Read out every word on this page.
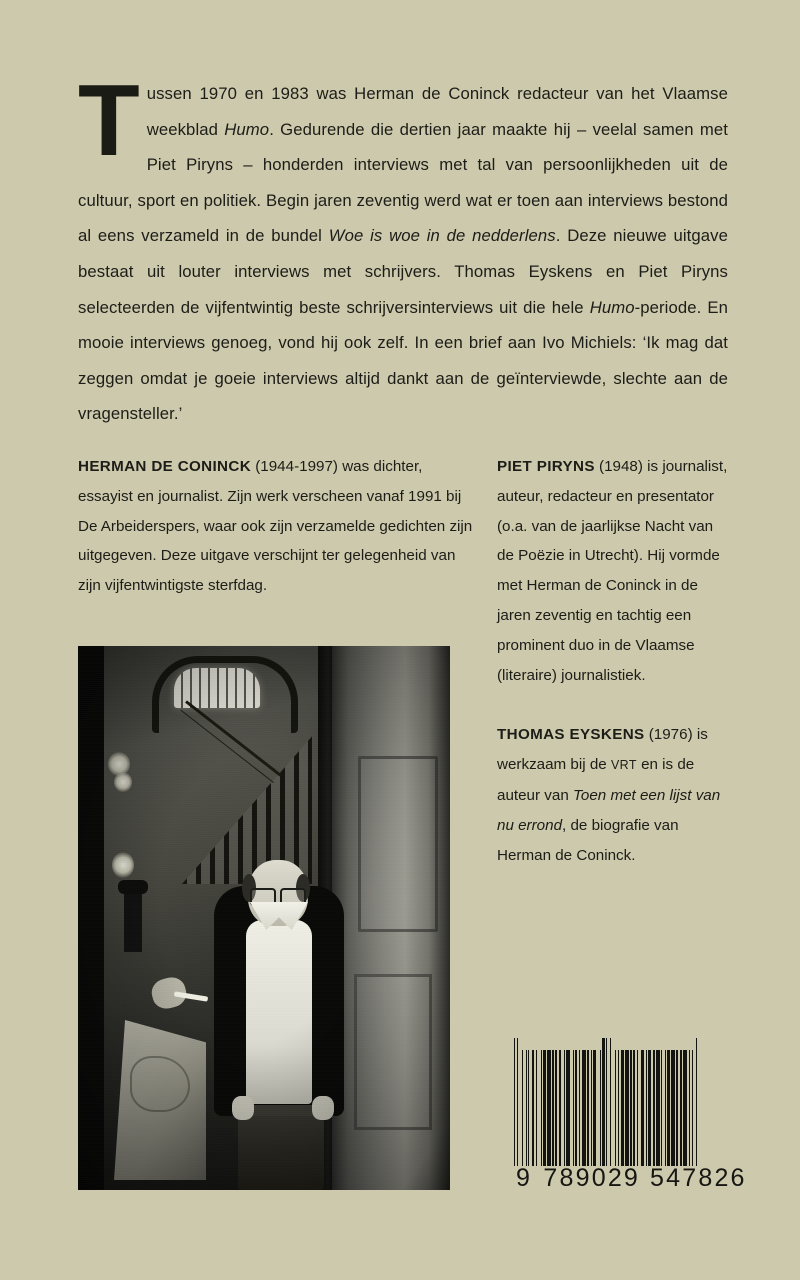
Tussen 1970 en 1983 was Herman de Coninck redacteur van het Vlaamse weekblad Humo. Gedurende die dertien jaar maakte hij – veelal samen met Piet Piryns – honderden interviews met tal van persoonlijkheden uit de cultuur, sport en politiek. Begin jaren zeventig werd wat er toen aan interviews bestond al eens verzameld in de bundel Woe is woe in de nedderlens. Deze nieuwe uitgave bestaat uit louter interviews met schrijvers. Thomas Eyskens en Piet Piryns selecteerden de vijfentwintig beste schrijversinterviews uit die hele Humo-periode. En mooie interviews genoeg, vond hij ook zelf. In een brief aan Ivo Michiels: ‘Ik mag dat zeggen omdat je goeie interviews altijd dankt aan de geïnterviewde, slechte aan de vragensteller.’

HERMAN DE CONINCK (1944-1997) was dichter, essayist en journalist. Zijn werk verscheen vanaf 1991 bij De Arbeiderspers, waar ook zijn verzamelde gedichten zijn uitgegeven. Deze uitgave verschijnt ter gelegenheid van zijn vijfentwintigste sterfdag.

PIET PIRYNS (1948) is journalist, auteur, redacteur en presentator (o.a. van de jaarlijkse Nacht van de Poëzie in Utrecht). Hij vormde met Herman de Coninck in de jaren zeventig en tachtig een prominent duo in de Vlaamse (literaire) journalistiek.

THOMAS EYSKENS (1976) is werkzaam bij de VRT en is de auteur van Toen met een lijst van nu errond, de biografie van Herman de Coninck.

9 789029 547826
